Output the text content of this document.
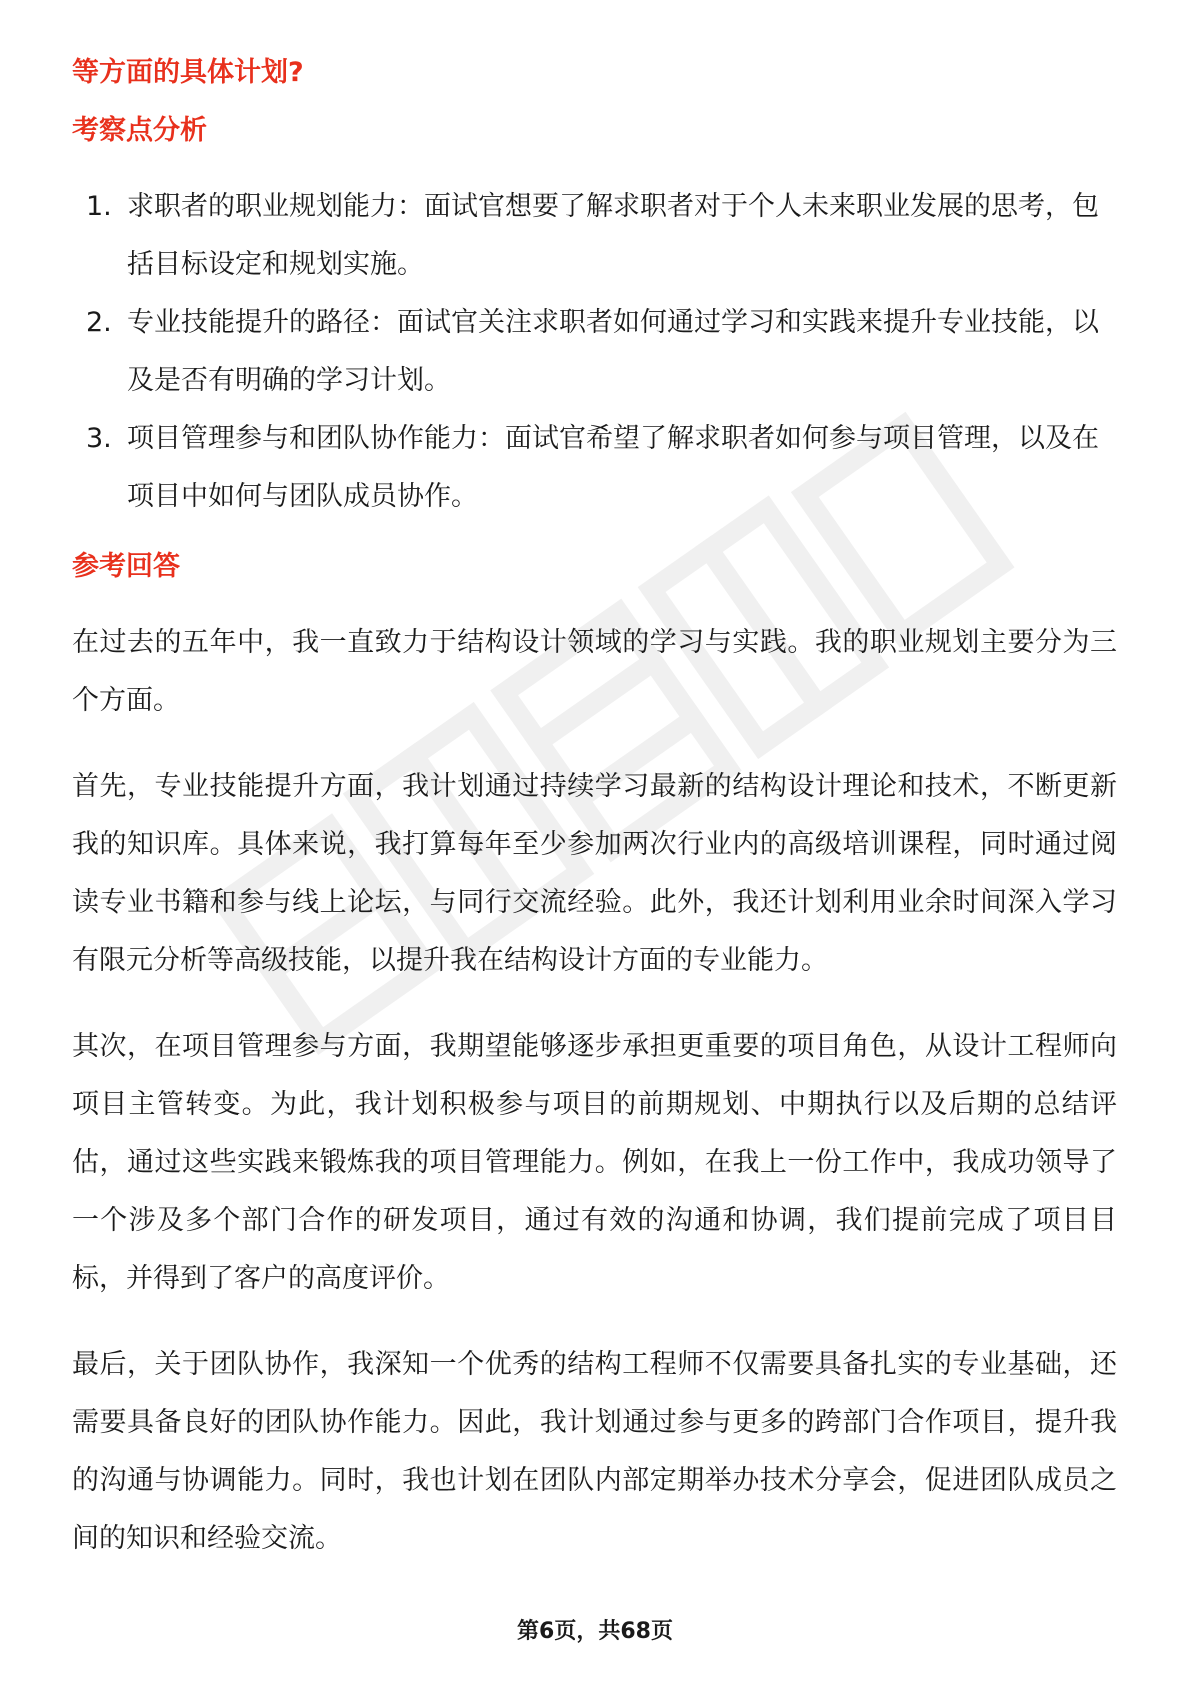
等方面的具体计划?
考察点分析
1. 求职者的职业规划能力：面试官想要了解求职者对于个人未来职业发展的思考，包括目标设定和规划实施。
2. 专业技能提升的路径：面试官关注求职者如何通过学习和实践来提升专业技能，以及是否有明确的学习计划。
3. 项目管理参与和团队协作能力：面试官希望了解求职者如何参与项目管理，以及在项目中如何与团队成员协作。
参考回答

在过去的五年中，我一直致力于结构设计领域的学习与实践。我的职业规划主要分为三个方面。

首先，专业技能提升方面，我计划通过持续学习最新的结构设计理论和技术，不断更新我的知识库。具体来说，我打算每年至少参加两次行业内的高级培训课程，同时通过阅读专业书籍和参与线上论坛，与同行交流经验。此外，我还计划利用业余时间深入学习有限元分析等高级技能，以提升我在结构设计方面的专业能力。

其次，在项目管理参与方面，我期望能够逐步承担更重要的项目角色，从设计工程师向项目主管转变。为此，我计划积极参与项目的前期规划、中期执行以及后期的总结评估，通过这些实践来锻炼我的项目管理能力。例如，在我上一份工作中，我成功领导了一个涉及多个部门合作的研发项目，通过有效的沟通和协调，我们提前完成了项目目标，并得到了客户的高度评价。

最后，关于团队协作，我深知一个优秀的结构工程师不仅需要具备扎实的专业基础，还需要具备良好的团队协作能力。因此，我计划通过参与更多的跨部门合作项目，提升我的沟通与协调能力。同时，我也计划在团队内部定期举办技术分享会，促进团队成员之间的知识和经验交流。

第6页，共68页
